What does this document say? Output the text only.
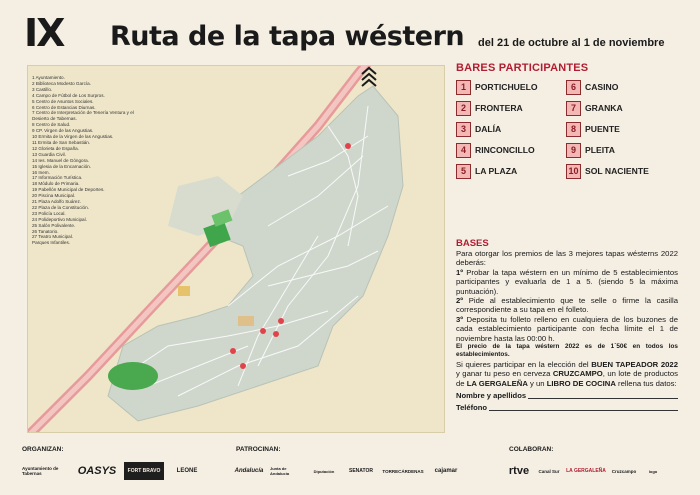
IX Ruta de la tapa wéstern del 21 de octubre al 1 de noviembre
1 Ayuntamiento.
2 Biblioteca Modesto García.
3 Castillo.
4 Campo de Fútbol de Los Surpros.
5 Centro de Asuntos Sociales.
6 Centro de Estancias Diurnas.
7 Centro de Interpretación de Tenería Ventura y el
Desierto de Tabernas.
8 Centro de Salud.
9 CP. Virgen de las Angustias.
10 Ermita de la Virgen de las Angustias.
11 Ermita de San Sebastián.
12 Glorieta de España.
13 Guardia Civil.
14 Ies. Manuel de Góngora.
15 Iglesia de la Encarnación.
16 Inem.
17 Información Turística.
18 Módulo de Primaria.
19 Pabellón Municipal de Deportes.
20 Piscina Municipal.
21 Plaza Adolfo Suárez.
22 Plaza de la Constitución.
23 Policía Local.
24 Polideportivo Municipal.
25 Salón Polivalente.
26 Tanatorio.
27 Teatro Municipal.
Parques Infantiles.
BARES PARTICIPANTES
1	PORTICHUELO
2	FRONTERA
3	DALÍA
4	RINCONCILLO
5	LA PLAZA
6	CASINO
7	GRANKA
8	PUENTE
9	PLEITA
10 SOL NACIENTE
BASES

Para otorgar los premios de las 3 mejores tapas wésterns 2022 deberás:

1º Probar la tapa wéstern en un mínimo de 5 establecimientos participantes y evaluarla de 1 a 5. (siendo 5 la máxima puntuación).

2º Pide al establecimiento que te selle o firme la casilla correspondiente a su tapa en el folleto.

3º Deposita tu folleto relleno en cualquiera de los buzones de cada establecimiento participante con fecha límite el 1 de noviembre hasta las 00:00 h.

El precio de la tapa wéstern 2022 es de 1´50€ en todos los establecimientos.

Si quieres participar en la elección del BUEN TAPEADOR 2022 y ganar tu peso en cerveza CRUZCAMPO, un lote de productos de LA GERGALEÑA y un LIBRO DE COCINA rellena tus datos:

Nombre y apellidos
Teléfono
ORGANIZAN:	PATROCINAN:	COLABORAN:
Ayuntamiento de Tabernas	OASYS	FORT BRAVO	LEONE	Andalucía Junta de Andalucía	Diputación	SENATOR	TORRECÁRDENAS	cajamar	rtve	Canal Sur	LA GERGALEÑA	Cruzcampo	logo
